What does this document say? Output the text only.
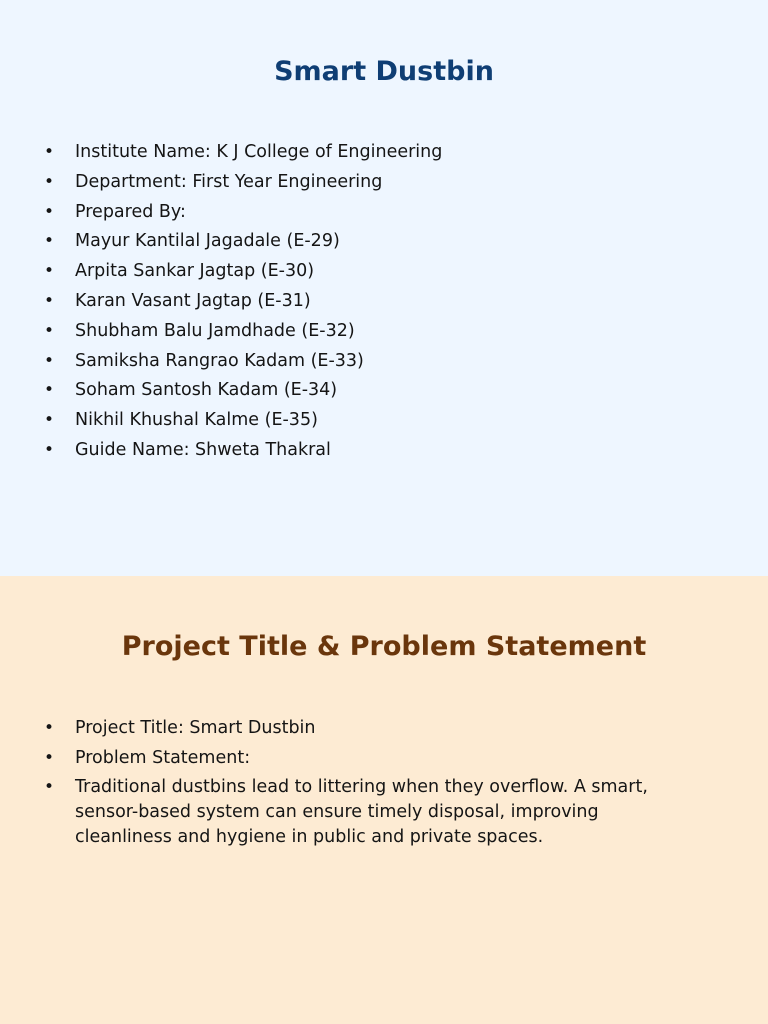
Smart Dustbin
• Institute Name: K J College of Engineering
• Department: First Year Engineering
• Prepared By:
• Mayur Kantilal Jagadale (E-29)
• Arpita Sankar Jagtap (E-30)
• Karan Vasant Jagtap (E-31)
• Shubham Balu Jamdhade (E-32)
• Samiksha Rangrao Kadam (E-33)
• Soham Santosh Kadam (E-34)
• Nikhil Khushal Kalme (E-35)
• Guide Name: Shweta Thakral
Project Title & Problem Statement
• Project Title: Smart Dustbin
• Problem Statement:
• Traditional dustbins lead to littering when they overflow. A smart, sensor-based system can ensure timely disposal, improving cleanliness and hygiene in public and private spaces.
